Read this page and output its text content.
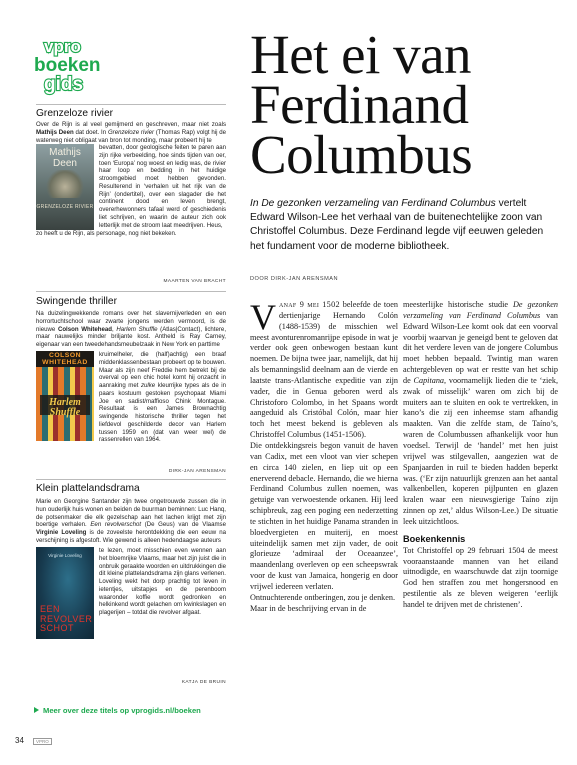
vpro
boeken
gids
Grenzeloze rivier
Over de Rijn is al veel gemijmerd en geschreven, maar niet zoals Mathijs Deen dat doet. In Grenzeloze rivier (Thomas Rap) volgt hij de waterweg niet obligaat van bron tot monding, maar probeert hij te
Mathijs Deen
GRENZELOZE RIVIER
bevatten, door geologische feiten te paren aan zijn rijke verbeelding, hoe sinds tijden van oer, toen ‘Europa’ nog woest en ledig was, de rivier haar loop en bedding in het huidige stroomgebied moet hebben gevonden. Resulterend in ‘verhalen uit het rijk van de Rijn’ (ondertitel), over een slagader die het continent dood en leven brengt, overerhewonners tafaal werd of geschiedenis liet schrijven, en waarin de auteur zich ook letterlijk met de stroom laat meedrijven. Heus,
zo heeft u de Rijn, als personage, nog niet bekeken.
MAARTEN VAN BRACHT
Swingende thriller
Na duizelingwekkende romans over het slavernijverleden en een horrortuchtschool waar zwarte jongens werden vermoord, is de nieuwe Colson Whitehead, Harlem Shuffle (Atlas|Contact), lichtere, maar nauwelijks minder briljante kost. Antheld is Ray Carney, eigenaar van een tweedehandsmeubelzaak in New York en parttime
COLSON WHITEHEAD
Harlem Shuffle
kruimelheler, die (half)achtig) een braaf middenklassenbestaan probeert op te bouwen. Maar als zijn neef Freddie hem betrekt bij de overval op een chic hotel komt hij onzacht in aanraking met zulke kleurrijke types als de in paars kostuum gestoken psychopaat Miami Joe en sadist/maffioso Chink Montague. Resultaat is een James Brownachtig swingende historische thriller tegen het liefdevol geschilderde decor van Harlem tussen 1959 en (dat van weer wel) de rassenrellen van 1964.
DIRK-JAN ARENSMAN
Klein plattelandsdrama
Marie en Georgine Santander zijn twee ongetrouwde zussen die in hun ouderlijk huis wonen en beiden de buurman beminnen: Luc Hanq, de potsenmaker die elk gezelschap aan het lachen krijgt met zijn boertige verhalen. Een revolverschot (De Geus) van de Vlaamse Virginie Loveling is de zoveelste herontdekking die een eeuw na verschijning is afgestoft. Wie gewend is alleen hedendaagse auteurs
Virginie Loveling
EEN REVOLVER SCHOT
te lezen, moet misschien even wennen aan het bloemrijke Vlaams, maar het zijn juist die in onbruik geraakte woorden en uitdrukkingen die dit kleine plattelandsdrama zijn glans verlenen. Loveling wekt het dorp prachtig tot leven in ietentjes, uitstapjes en de perenboom waaronder koffie wordt gedronken en helkinkend wordt gelachen om kwinkslagen en plagerijen – totdat die revolver afgaat.
KATJA DE BRUIN
Meer over deze titels op vprogids.nl/boeken
Het ei van Ferdinand Columbus
In De gezonken verzameling van Ferdinand Columbus vertelt Edward Wilson-Lee het verhaal van de buitenechtelijke zoon van Christoffel Columbus. Deze Ferdinand legde vijf eeuwen geleden het fundament voor de moderne bibliotheek.
DOOR DIRK-JAN ARENSMAN
Vanaf 9 mei 1502 beleefde de toen dertienjarige Hernando Colón (1488-1539) de misschien wel meest avonturenromanrijpe episode in wat je verder ook geen onbewogen bestaan kunt noemen. De bijna twee jaar, namelijk, dat hij als bemanningslid deelnam aan de vierde en laatste trans-Atlantische expeditie van zijn vader, die in Genua geboren werd als Christoforo Colombo, in het Spaans wordt aangeduid als Cristóbal Colón, maar hier toch het meest bekend is gebleven als Christoffel Columbus (1451-1506).
Die ontdekkingsreis begon vanuit de haven van Cadix, met een vloot van vier schepen en circa 140 zielen, en liep uit op een enerverend debacle. Hernando, die we hierna Ferdinand Columbus zullen noemen, was getuige van verwoestende orkanen. Hij leed schipbreuk, zag een poging een nederzetting te stichten in het huidige Panama stranden in bloedvergieten en muiterij, en moest uiteindelijk samen met zijn vader, de ooit glorieuze ‘admiraal der Oceaanzee’, maandenlang overleven op een scheepswrak voor de kust van Jamaica, hongerig en door vrijwel iedereen verlaten.
Ontnuchterende ontberingen, zou je denken.
Maar in de beschrijving ervan in de
meesterlijke historische studie De gezonken verzameling van Ferdinand Columbus van Edward Wilson-Lee komt ook dat een voorval voorbij waarvan je geneigd bent te geloven dat dit het verdere leven van de jongere Columbus moet hebben bepaald. Twintig man waren achtergebleven op wat er restte van het schip de Capitana, voornamelijk lieden die te ‘ziek, zwak of misselijk’ waren om zich bij de muiters aan te sluiten en ook te vertrekken, in kano’s die zij een inheemse stam afhandig maakten. Van die zelfde stam, de Taíno’s, waren de Columbussen afhankelijk voor hun voedsel. Terwijl de ‘handel’ met hen juist vrijwel was stilgevallen, aangezien wat de Spanjaarden in ruil te bieden hadden beperkt was. (‘Er zijn natuurlijk grenzen aan het aantal valkenbellen, koperen pijlpunten en glazen kralen waar een nieuwsgierige Taíno zijn zinnen op zet,’ aldus Wilson-Lee.) De situatie leek uitzichtloos.
Boekenkennis
Tot Christoffel op 29 februari 1504 de meest vooraanstaande mannen van het eiland uitnodigde, en waarschuwde dat zijn toornige God hen straffen zou met hongersnood en pestilentie als ze bleven weigeren ‘eerlijk handel te drijven met de christenen’.
34	VPRO
